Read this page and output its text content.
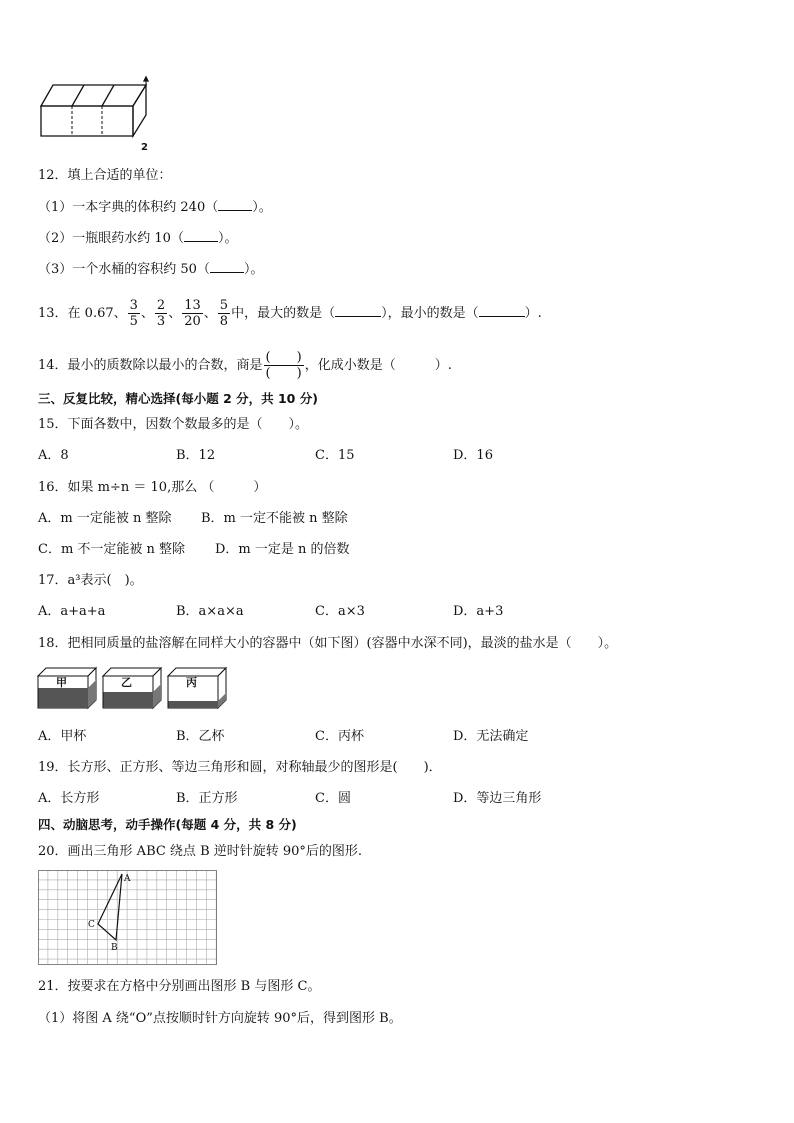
2
12．填上合适的单位：
（1）一本字典的体积约 240（	）。
（2）一瓶眼药水约 10（	）。
（3）一个水桶的容积约 50（	）。
13．在 0.67、 $\frac{3}{5}$ 、 $\frac{2}{3}$ 、 $\frac{13}{20}$ 、 $\frac{5}{8}$ 中，最大的数是（	），最小的数是（	）.
14．最小的质数除以最小的合数，商是 $\frac{( )}{( )}$ ，化成小数是（　　　）.
三、反复比较，精心选择(每小题 2 分，共 10 分)
15．下面各数中，因数个数最多的是（　　）。
A．8	B．12	C．15	D．16
16．如果 m÷n ＝ 10,那么 （　　　）
A．m 一定能被 n 整除 B．m 一定不能被 n 整除
C．m 不一定能被 n 整除 D．m 一定是 n 的倍数
17．a³表示(　)。
A．a+a+a	B．a×a×a	C．a×3	D．a+3
18．把相同质量的盐溶解在同样大小的容器中（如下图）(容器中水深不同)，最淡的盐水是（　　）。
甲	乙	丙
A．甲杯	B．乙杯	C．丙杯	D．无法确定
19．长方形、正方形、等边三角形和圆，对称轴最少的图形是(　　)．
A．长方形	B．正方形	C．圆	D．等边三角形
四、动脑思考，动手操作(每题 4 分，共 8 分)
20．画出三角形 ABC 绕点 B 逆时针旋转 90°后的图形.
A
B
C
21．按要求在方格中分别画出图形 B 与图形 C。
（1）将图 A 绕“O”点按顺时针方向旋转 90°后，得到图形 B。
